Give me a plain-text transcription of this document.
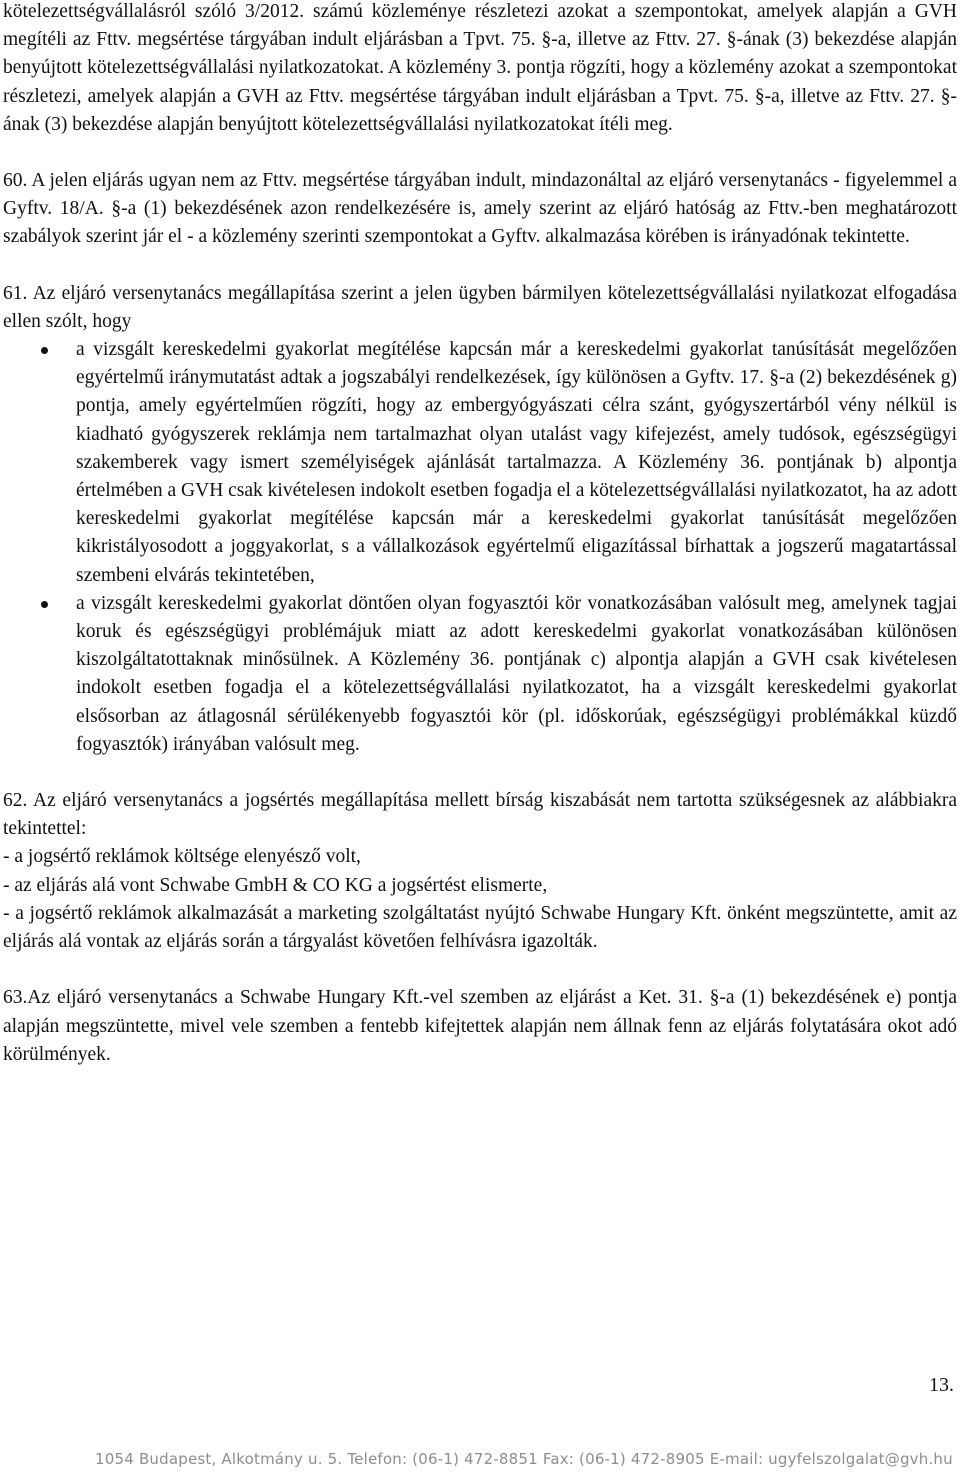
kötelezettségvállalásról szóló 3/2012. számú közleménye részletezi azokat a szempontokat, amelyek alapján a GVH megítéli az Fttv. megsértése tárgyában indult eljárásban a Tpvt. 75. §-a, illetve az Fttv. 27. §-ának (3) bekezdése alapján benyújtott kötelezettségvállalási nyilatkozatokat. A közlemény 3. pontja rögzíti, hogy a közlemény azokat a szempontokat részletezi, amelyek alapján a GVH az Fttv. megsértése tárgyában indult eljárásban a Tpvt. 75. §-a, illetve az Fttv. 27. §-ának (3) bekezdése alapján benyújtott kötelezettségvállalási nyilatkozatokat ítéli meg.

60. A jelen eljárás ugyan nem az Fttv. megsértése tárgyában indult, mindazonáltal az eljáró versenytanács - figyelemmel a Gyftv. 18/A. §-a (1) bekezdésének azon rendelkezésére is, amely szerint az eljáró hatóság az Fttv.-ben meghatározott szabályok szerint jár el - a közlemény szerinti szempontokat a Gyftv. alkalmazása körében is irányadónak tekintette.

61. Az eljáró versenytanács megállapítása szerint a jelen ügyben bármilyen kötelezettségvállalási nyilatkozat elfogadása ellen szólt, hogy

a vizsgált kereskedelmi gyakorlat megítélése kapcsán már a kereskedelmi gyakorlat tanúsítását megelőzően egyértelmű iránymutatást adtak a jogszabályi rendelkezések, így különösen a Gyftv. 17. §-a (2) bekezdésének g) pontja, amely egyértelműen rögzíti, hogy az embergyógyászati célra szánt, gyógyszertárból vény nélkül is kiadható gyógyszerek reklámja nem tartalmazhat olyan utalást vagy kifejezést, amely tudósok, egészségügyi szakemberek vagy ismert személyiségek ajánlását tartalmazza. A Közlemény 36. pontjának b) alpontja értelmében a GVH csak kivételesen indokolt esetben fogadja el a kötelezettségvállalási nyilatkozatot, ha az adott kereskedelmi gyakorlat megítélése kapcsán már a kereskedelmi gyakorlat tanúsítását megelőzően kikristályosodott a joggyakorlat, s a vállalkozások egyértelmű eligazítással bírhattak a jogszerű magatartással szembeni elvárás tekintetében,
a vizsgált kereskedelmi gyakorlat döntően olyan fogyasztói kör vonatkozásában valósult meg, amelynek tagjai koruk és egészségügyi problémájuk miatt az adott kereskedelmi gyakorlat vonatkozásában különösen kiszolgáltatottaknak minősülnek. A Közlemény 36. pontjának c) alpontja alapján a GVH csak kivételesen indokolt esetben fogadja el a kötelezettségvállalási nyilatkozatot, ha a vizsgált kereskedelmi gyakorlat elsősorban az átlagosnál sérülékenyebb fogyasztói kör (pl. időskorúak, egészségügyi problémákkal küzdő fogyasztók) irányában valósult meg.

62. Az eljáró versenytanács a jogsértés megállapítása mellett bírság kiszabását nem tartotta szükségesnek az alábbiakra tekintettel:

- a jogsértő reklámok költsége elenyésző volt,

- az eljárás alá vont Schwabe GmbH & CO KG a jogsértést elismerte,

- a jogsértő reklámok alkalmazását a marketing szolgáltatást nyújtó Schwabe Hungary Kft. önként megszüntette, amit az eljárás alá vontak az eljárás során a tárgyalást követően felhívásra igazolták.

63.Az eljáró versenytanács a Schwabe Hungary Kft.-vel szemben az eljárást a Ket. 31. §-a (1) bekezdésének e) pontja alapján megszüntette, mivel vele szemben a fentebb kifejtettek alapján nem állnak fenn az eljárás folytatására okot adó körülmények.

13.
1054 Budapest, Alkotmány u. 5. Telefon: (06-1) 472-8851 Fax: (06-1) 472-8905 E-mail: ugyfelszolgalat@gvh.hu
